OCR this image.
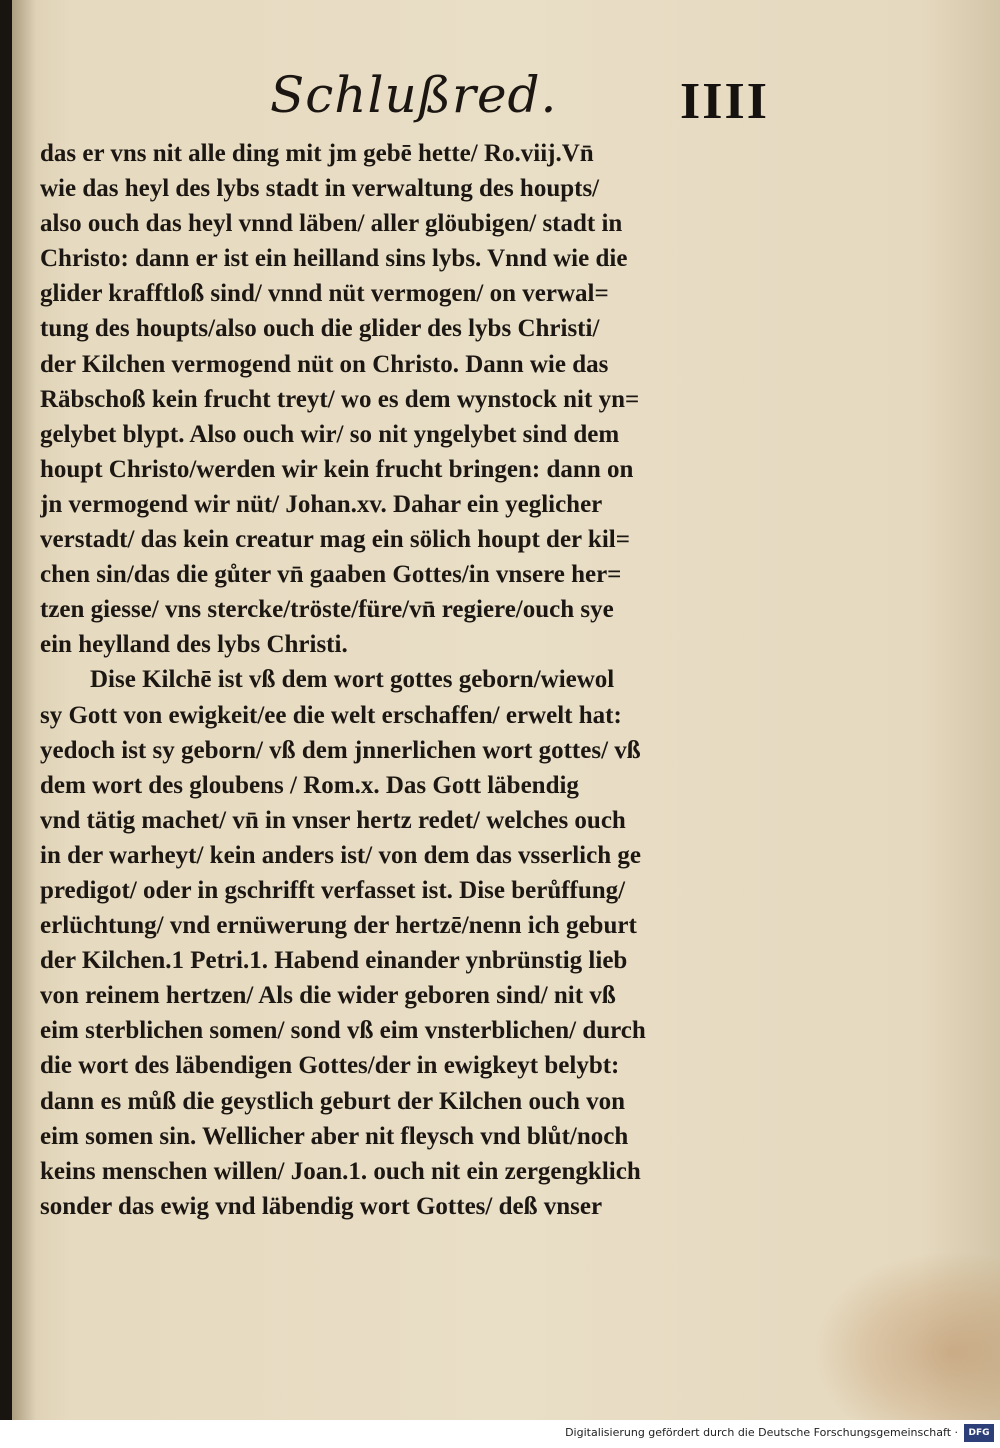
Schlußred. IIII
das er vns nit alle ding mit jm gebē hette/ Ro.viij.Vn̄
wie das heyl des lybs stadt in verwaltung des houpts/
also ouch das heyl vnnd läben/ aller glöubigen/ stadt in
Christo: dann er ist ein heilland sins lybs. Vnnd wie die
glider krafftloß sind/ vnnd nüt vermogen/ on verwal=
tung des houpts/also ouch die glider des lybs Christi/
der Kilchen vermogend nüt on Christo. Dann wie das
Räbschoß kein frucht treyt/ wo es dem wynstock nit yn=
gelybet blypt. Also ouch wir/ so nit yngelybet sind dem
houpt Christo/werden wir kein frucht bringen: dann on
jn vermogend wir nüt/ Johan.xv. Dahar ein yeglicher
verstadt/ das kein creatur mag ein sölich houpt der kil=
chen sin/das die gůter vn̄ gaaben Gottes/in vnsere her=
tzen giesse/ vns stercke/tröste/füre/vn̄ regiere/ouch sye
ein heylland des lybs Christi.
Dise Kilchē ist vß dem wort gottes geborn/wiewol
sy Gott von ewigkeit/ee die welt erschaffen/ erwelt hat:
yedoch ist sy geborn/ vß dem jnnerlichen wort gottes/ vß
dem wort des gloubens / Rom.x. Das Gott läbendig
vnd tätig machet/ vn̄ in vnser hertz redet/ welches ouch
in der warheyt/ kein anders ist/ von dem das vsserlich ge
predigot/ oder in gschrifft verfasset ist. Dise berůffung/
erlüchtung/ vnd ernüwerung der hertzē/nenn ich geburt
der Kilchen.1 Petri.1. Habend einander ynbrünstig lieb
von reinem hertzen/ Als die wider geboren sind/ nit vß
eim sterblichen somen/ sond vß eim vnsterblichen/ durch
die wort des läbendigen Gottes/der in ewigkeyt belybt:
dann es můß die geystlich geburt der Kilchen ouch von
eim somen sin. Wellicher aber nit fleysch vnd blůt/noch
keins menschen willen/ Joan.1. ouch nit ein zergengklich
sonder das ewig vnd läbendig wort Gottes/ deß vnser
Digitalisierung gefördert durch die Deutsche Forschungsgemeinschaft ·	DFG
